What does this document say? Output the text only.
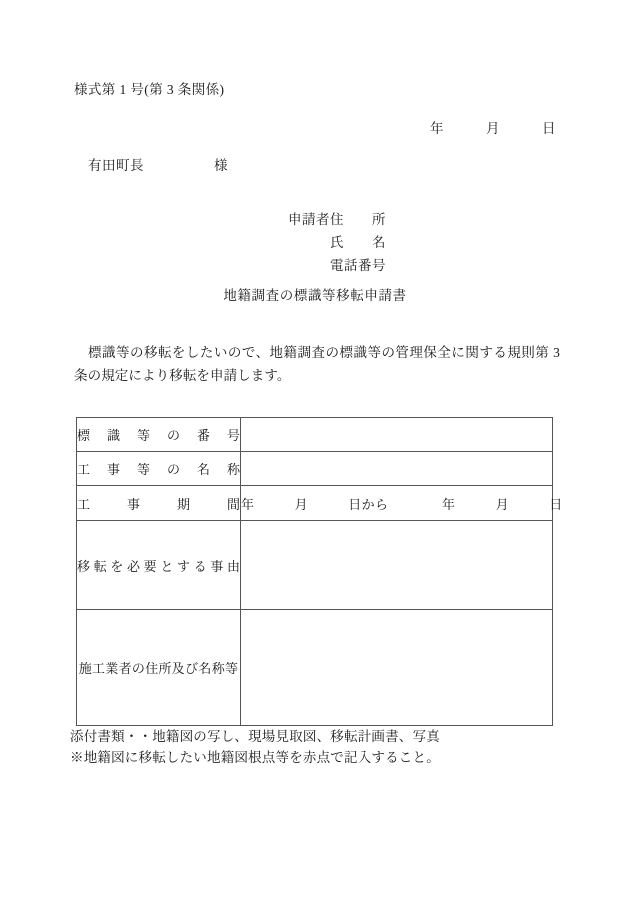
様式第 1 号(第 3 条関係)
年　　　月　　　日
有田町長　　　　　様
申請者 住　　所
氏　　名
電話番号
地籍調査の標識等移転申請書
標識等の移転をしたいので、地籍調査の標識等の管理保全に関する規則第 3 条の規定により移転を申請します。
標識等の番号	

工事等の名称	

工事期間	年　　　月　　　日から　　　　年　　　月　　　日

移転を必要とする事由	

施工業者の住所及び名称等	

添付書類・・地籍図の写し、現場見取図、移転計画書、写真
※地籍図に移転したい地籍図根点等を赤点で記入すること。
